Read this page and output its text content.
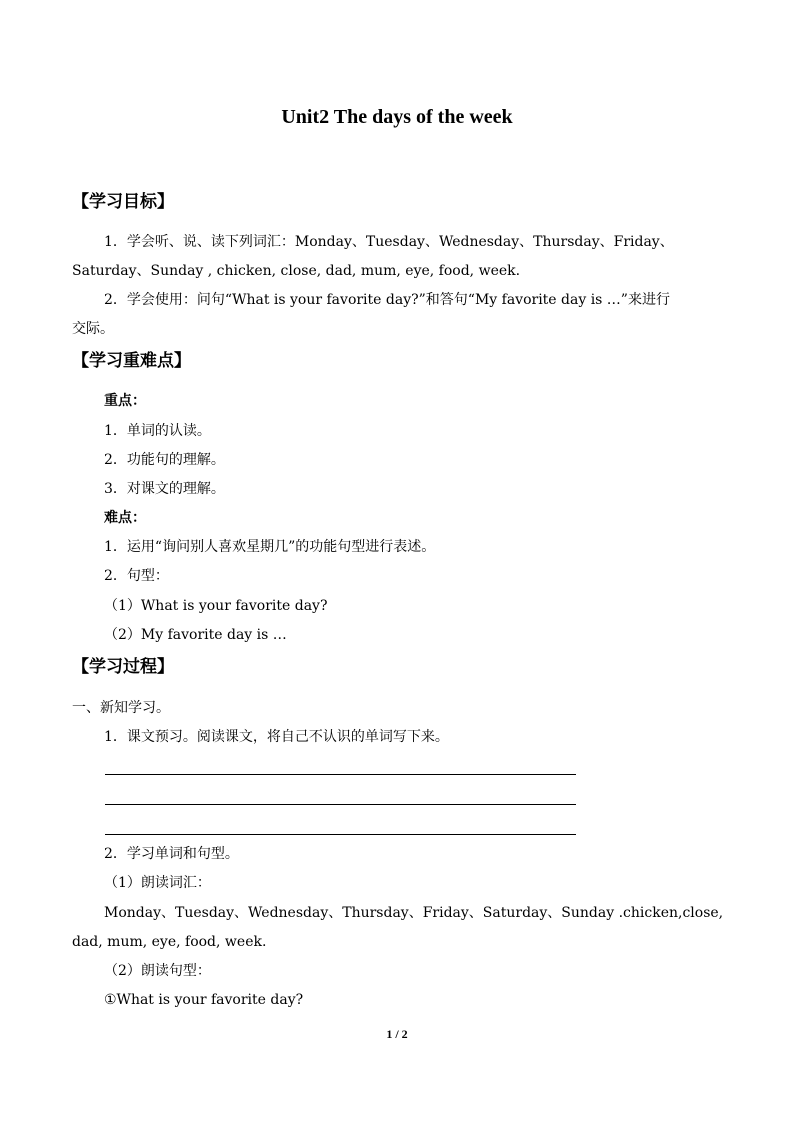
Unit2 The days of the week
【学习目标】
1．学会听、说、读下列词汇：Monday、Tuesday、Wednesday、Thursday、Friday、
Saturday、Sunday , chicken, close, dad, mum, eye, food, week.
2．学会使用：问句“What is your favorite day?”和答句“My favorite day is …”来进行
交际。
【学习重难点】
重点：
1．单词的认读。
2．功能句的理解。
3．对课文的理解。
难点：
1．运用“询问别人喜欢星期几”的功能句型进行表述。
2．句型：
（1）What is your favorite day?
（2）My favorite day is …
【学习过程】
一、新知学习。
1．课文预习。阅读课文，将自己不认识的单词写下来。
2．学习单词和句型。
（1）朗读词汇：
Monday、Tuesday、Wednesday、Thursday、Friday、Saturday、Sunday . chicken, close,
dad, mum, eye, food, week.
（2）朗读句型：
①What is your favorite day?
1 / 2
